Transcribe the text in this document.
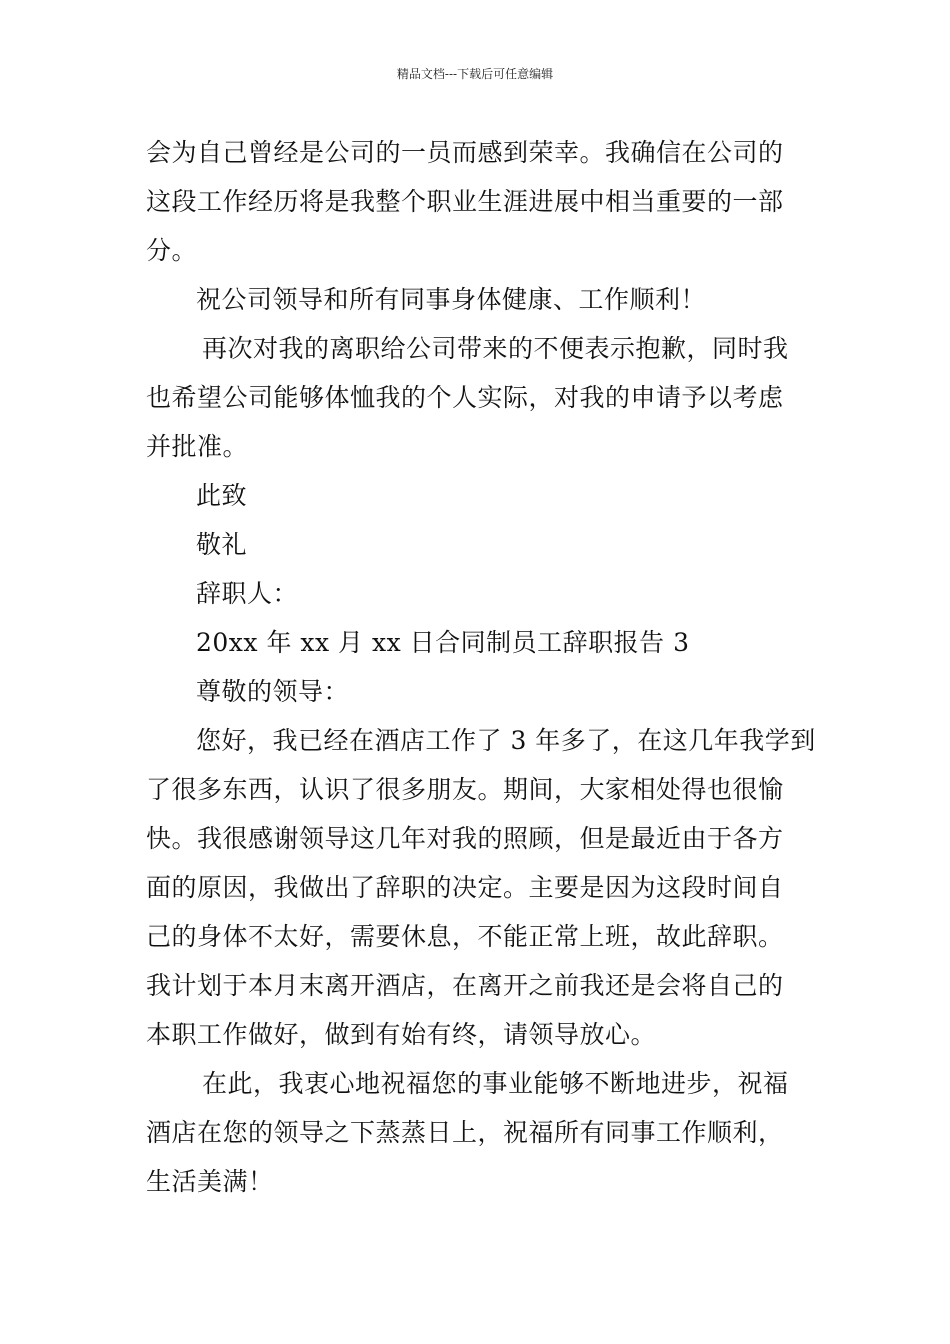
精品文档---下载后可任意编辑
会为自己曾经是公司的一员而感到荣幸。我确信在公司的
这段工作经历将是我整个职业生涯进展中相当重要的一部
分。
祝公司领导和所有同事身体健康、工作顺利！
再次对我的离职给公司带来的不便表示抱歉，同时我
也希望公司能够体恤我的个人实际，对我的申请予以考虑
并批准。
此致
敬礼
辞职人：
20xx 年 xx 月 xx 日合同制员工辞职报告 3
尊敬的领导：
您好，我已经在酒店工作了 3 年多了，在这几年我学到
了很多东西，认识了很多朋友。期间，大家相处得也很愉
快。我很感谢领导这几年对我的照顾，但是最近由于各方
面的原因，我做出了辞职的决定。主要是因为这段时间自
己的身体不太好，需要休息，不能正常上班，故此辞职。
我计划于本月末离开酒店，在离开之前我还是会将自己的
本职工作做好，做到有始有终，请领导放心。
在此，我衷心地祝福您的事业能够不断地进步，祝福
酒店在您的领导之下蒸蒸日上，祝福所有同事工作顺利，
生活美满！
